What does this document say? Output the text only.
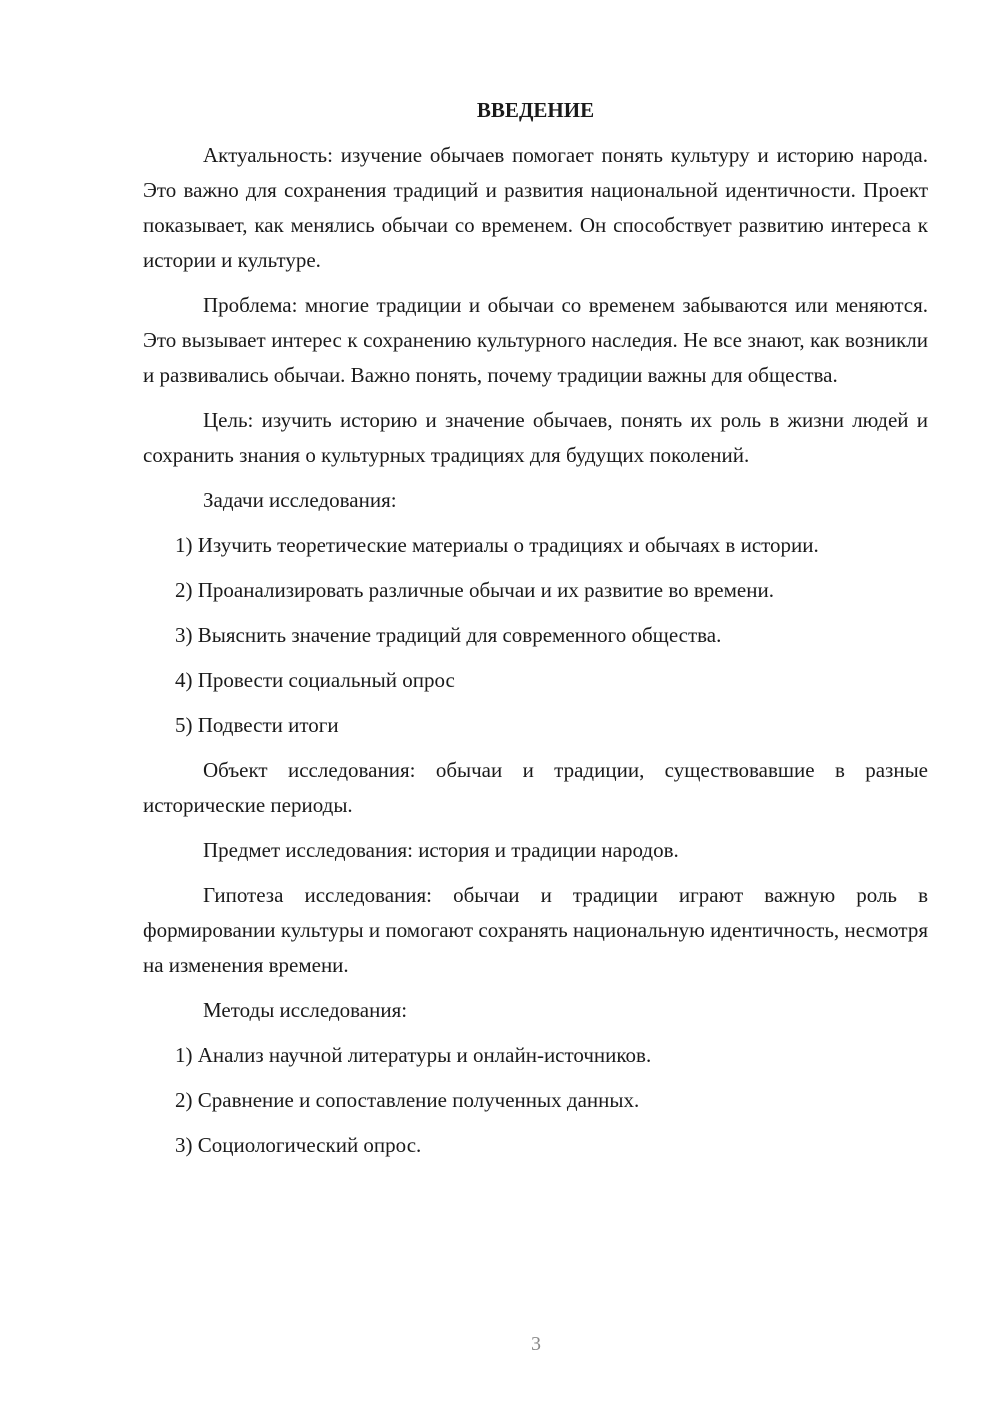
ВВЕДЕНИЕ

Актуальность: изучение обычаев помогает понять культуру и историю народа. Это важно для сохранения традиций и развития национальной идентичности. Проект показывает, как менялись обычаи со временем. Он способствует развитию интереса к истории и культуре.

Проблема: многие традиции и обычаи со временем забываются или меняются. Это вызывает интерес к сохранению культурного наследия. Не все знают, как возникли и развивались обычаи. Важно понять, почему традиции важны для общества.

Цель: изучить историю и значение обычаев, понять их роль в жизни людей и сохранить знания о культурных традициях для будущих поколений.

Задачи исследования:

1) Изучить теоретические материалы о традициях и обычаях в истории.

2) Проанализировать различные обычаи и их развитие во времени.

3) Выяснить значение традиций для современного общества.

4) Провести социальный опрос

5) Подвести итоги

Объект исследования: обычаи и традиции, существовавшие в разные исторические периоды.

Предмет исследования: история и традиции народов.

Гипотеза исследования: обычаи и традиции играют важную роль в формировании культуры и помогают сохранять национальную идентичность, несмотря на изменения времени.

Методы исследования:

1) Анализ научной литературы и онлайн-источников.

2) Сравнение и сопоставление полученных данных.

3) Социологический опрос.

3
